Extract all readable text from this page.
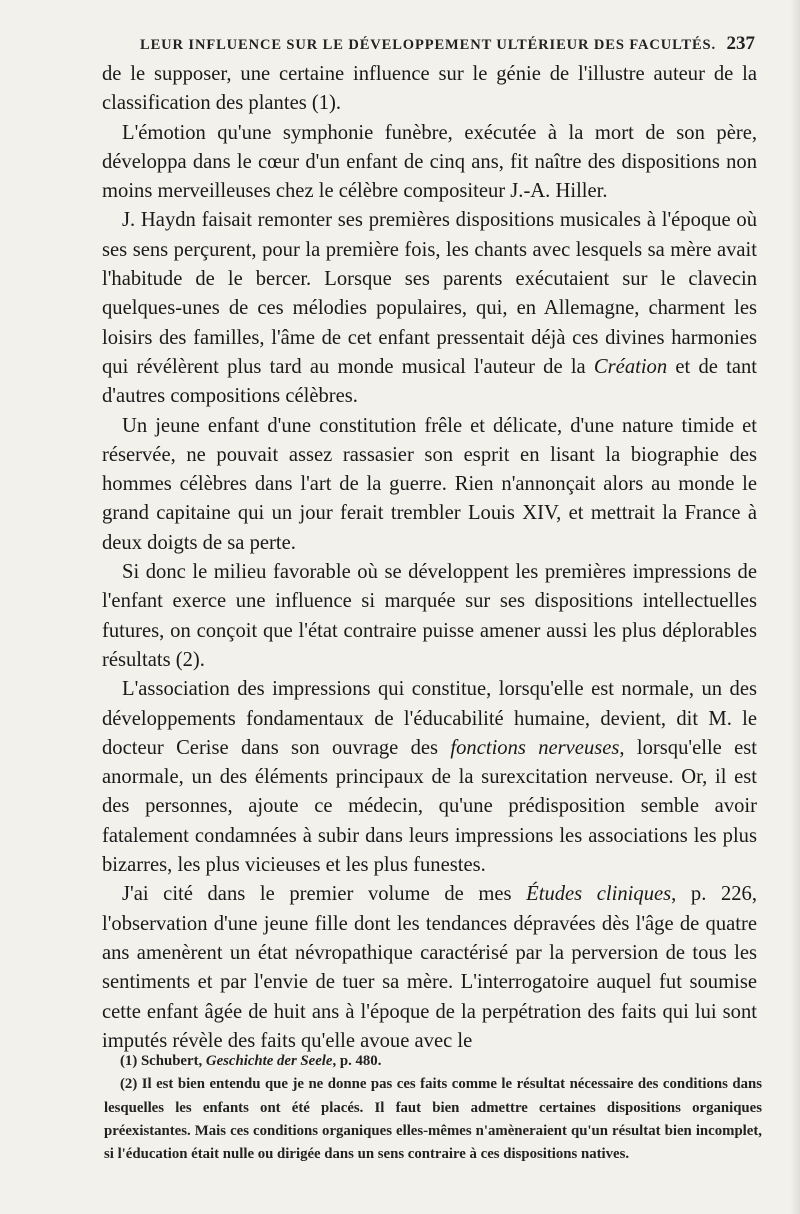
LEUR INFLUENCE SUR LE DÉVELOPPEMENT ULTÉRIEUR DES FACULTÉS. 237

de le supposer, une certaine influence sur le génie de l'illustre auteur de la classification des plantes (1).

L'émotion qu'une symphonie funèbre, exécutée à la mort de son père, développa dans le cœur d'un enfant de cinq ans, fit naître des dispositions non moins merveilleuses chez le célèbre compositeur J.-A. Hiller.

J. Haydn faisait remonter ses premières dispositions musicales à l'époque où ses sens perçurent, pour la première fois, les chants avec lesquels sa mère avait l'habitude de le bercer. Lorsque ses parents exécutaient sur le clavecin quelques-unes de ces mélodies populaires, qui, en Allemagne, charment les loisirs des familles, l'âme de cet enfant pressentait déjà ces divines harmonies qui révélèrent plus tard au monde musical l'auteur de la Création et de tant d'autres compositions célèbres.

Un jeune enfant d'une constitution frêle et délicate, d'une nature timide et réservée, ne pouvait assez rassasier son esprit en lisant la biographie des hommes célèbres dans l'art de la guerre. Rien n'annonçait alors au monde le grand capitaine qui un jour ferait trembler Louis XIV, et mettrait la France à deux doigts de sa perte.

Si donc le milieu favorable où se développent les premières impressions de l'enfant exerce une influence si marquée sur ses dispositions intellectuelles futures, on conçoit que l'état contraire puisse amener aussi les plus déplorables résultats (2).

L'association des impressions qui constitue, lorsqu'elle est normale, un des développements fondamentaux de l'éducabilité humaine, devient, dit M. le docteur Cerise dans son ouvrage des fonctions nerveuses, lorsqu'elle est anormale, un des éléments principaux de la surexcitation nerveuse. Or, il est des personnes, ajoute ce médecin, qu'une prédisposition semble avoir fatalement condamnées à subir dans leurs impressions les associations les plus bizarres, les plus vicieuses et les plus funestes.

J'ai cité dans le premier volume de mes Études cliniques, p. 226, l'observation d'une jeune fille dont les tendances dépravées dès l'âge de quatre ans amenèrent un état névropathique caractérisé par la perversion de tous les sentiments et par l'envie de tuer sa mère. L'interrogatoire auquel fut soumise cette enfant âgée de huit ans à l'époque de la perpétration des faits qui lui sont imputés révèle des faits qu'elle avoue avec le

(1) Schubert, Geschichte der Seele, p. 480.

(2) Il est bien entendu que je ne donne pas ces faits comme le résultat nécessaire des conditions dans lesquelles les enfants ont été placés. Il faut bien admettre certaines dispositions organiques préexistantes. Mais ces conditions organiques elles-mêmes n'amèneraient qu'un résultat bien incomplet, si l'éducation était nulle ou dirigée dans un sens contraire à ces dispositions natives.
